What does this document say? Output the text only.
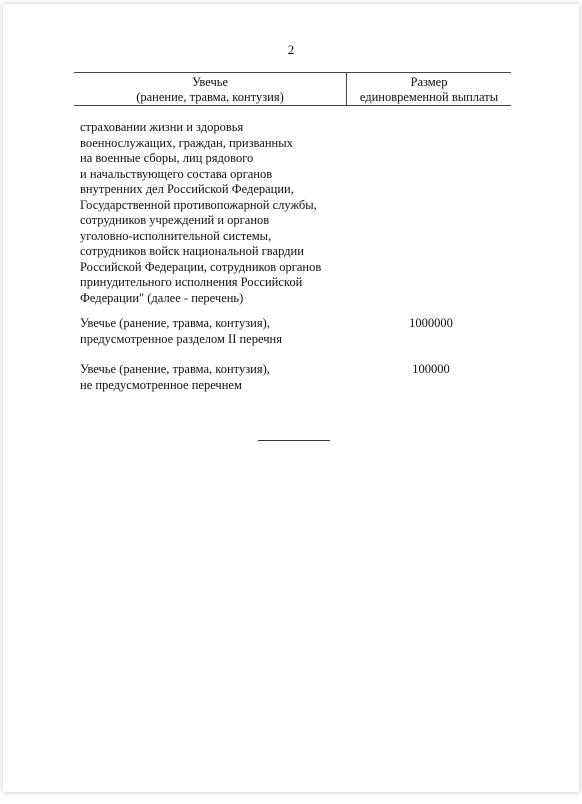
2
Увечье
(ранение, травма, контузия)
Размер
единовременной выплаты
страховании жизни и здоровья
военнослужащих, граждан, призванных
на военные сборы, лиц рядового
и начальствующего состава органов
внутренних дел Российской Федерации,
Государственной противопожарной службы,
сотрудников учреждений и органов
уголовно-исполнительной системы,
сотрудников войск национальной гвардии
Российской Федерации, сотрудников органов
принудительного исполнения Российской
Федерации" (далее - перечень)
Увечье (ранение, травма, контузия),
предусмотренное разделом II перечня
1000000
Увечье (ранение, травма, контузия),
не предусмотренное перечнем
100000
